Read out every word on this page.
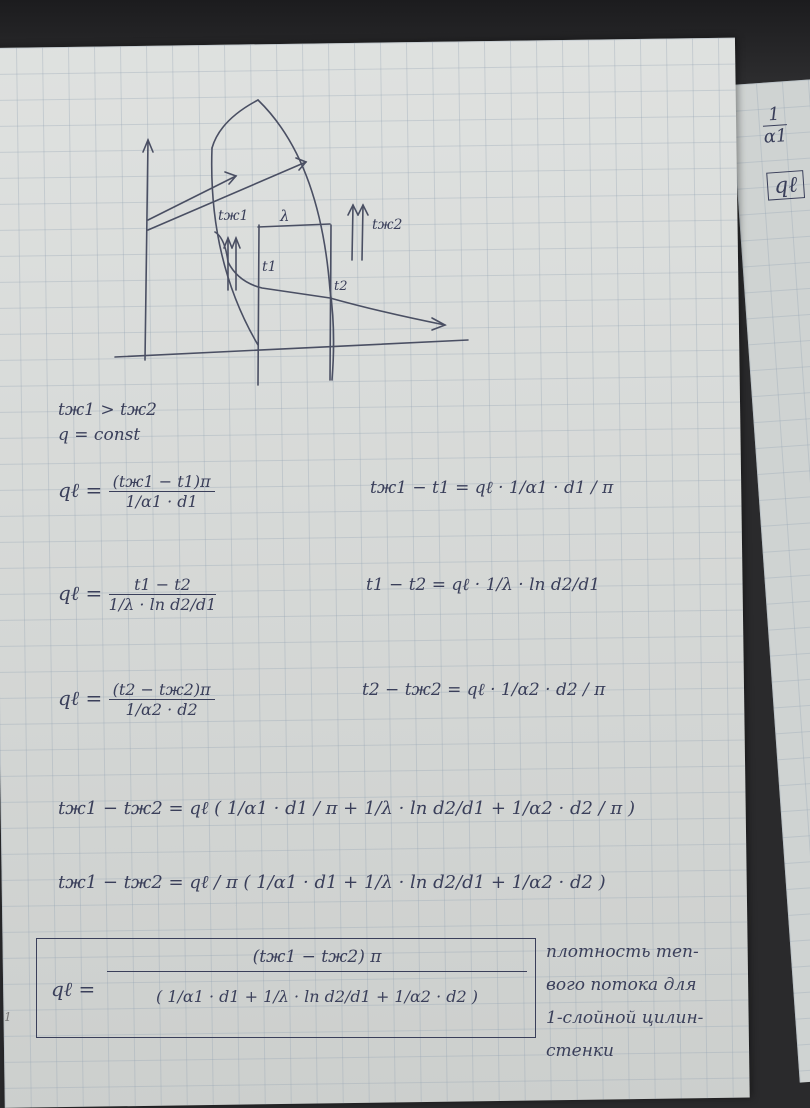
$\frac{1}{\alpha 1}$
qℓ
tж1 λ	tж2
t1
t2
tж1 > tж2
q = const
qℓ = $\frac{(tж1 - t1)\pi}{1/\alpha 1 \cdot d1}$	tж1 − t1 = qℓ · 1/α1 · d1 / π
qℓ = $\frac{t1 - t2}{\text{1/λ · ln d2/d1}}$	t1 − t2 = qℓ · 1/λ · ln d2/d1
qℓ = $\frac{(t2 - tж2)\pi}{1/\alpha 2 \cdot d2}$	t2 − tж2 = qℓ · 1/α2 · d2 / π
tж1 − tж2 = qℓ ( 1/α1 · d1 / π + 1/λ · ln d2/d1 + 1/α2 · d2 / π )
tж1 − tж2 = qℓ / π ( 1/α1 · d1 + 1/λ · ln d2/d1 + 1/α2 · d2 )
qℓ =
(tж1 − tж2) π
( 1/α1 · d1 + 1/λ · ln d2/d1 + 1/α2 · d2 )
1
плотность теп-
вого потока для
1-слойной цилин-
стенки
